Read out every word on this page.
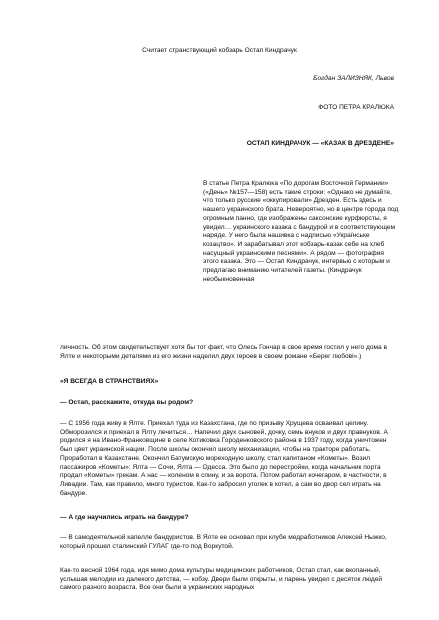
Считает странствующий кобзарь Остап Киндрачук

Богдан ЗАЛИЗНЯК, Львов

ФОТО ПЕТРА КРАЛЮКА

ОСТАП КИНДРАЧУК — «КАЗАК В ДРЕЗДЕНЕ»

В статье Петра Кралюка «По дорогам Восточной Германии» («День» №157—158) есть такие строки: «Однако не думайте, что только русские «оккупировали» Дрезден. Есть здесь и нашего украинского брата. Невероятно, но в центре города под огромным панно, где изображены саксонские курфюрсты, я увидел… украинского казака с бандурой и в соответствующем наряде. У него была нашивка с надписью «Українське козацтво». И зарабатывал этот кобзарь-казак себе на хлеб насущный украинскими песнями». А рядом — фотография этого казака. Это — Остап Киндрачук, интервью с которым и предлагаю вниманию читателей газеты. (Киндрачук необыкновенная

личность. Об этом свидетельствует хотя бы тот факт, что Олесь Гончар в свое время гостил у него дома в Ялте и некоторыми деталями из его жизни наделил двух героев в своем романе «Берег любові».)

«Я ВСЕГДА В СТРАНСТВИЯХ»

— Остап, расскажите, откуда вы родом?

— С 1956 года живу в Ялте. Приехал туда из Казахстана, где по призыву Хрущева осваивал целину. Обморозился и приехал в Ялту лечиться… Напечил двух сыновей, дочку, семь внуков и двух правнуков. А родился я на Ивано-Франковщине в селе Котиковка Городенковского района в 1937 году, когда уничтожен был цвет украинской нации. После школы окончил школу механизации, чтобы на тракторе работать. Проработал в Казахстане. Окончил Батумскую мореходную школу, стал капитаном «Кометы». Возил пассажиров «Кометы»: Ялта — Сочи, Ялта — Одесса. Это было до перестройки, когда начальник порта продал «Кометы» грекам. А нас — коленом в спину, и за ворота. Потом работал кочегаром, в частности, в Ливадии. Там, как правило, много туристов. Как-то забросил уголек в котел, а сам во двор сел играть на бандуре.

— А где научились играть на бандуре?

— В самодеятельной капелле бандуристов. В Ялте ее основал при клубе медработников Алексей Ныжко, который прошел сталинский ГУЛАГ где-то под Воркутой.

Как-то весной 1964 года, идя мимо дома культуры медицинских работников, Остап стал, как вкопанный, услышав мелодии из далекого детства, — кобзу. Двери были открыты, и парень увидел с десяток людей самого разного возраста. Все они были в украинских народных
